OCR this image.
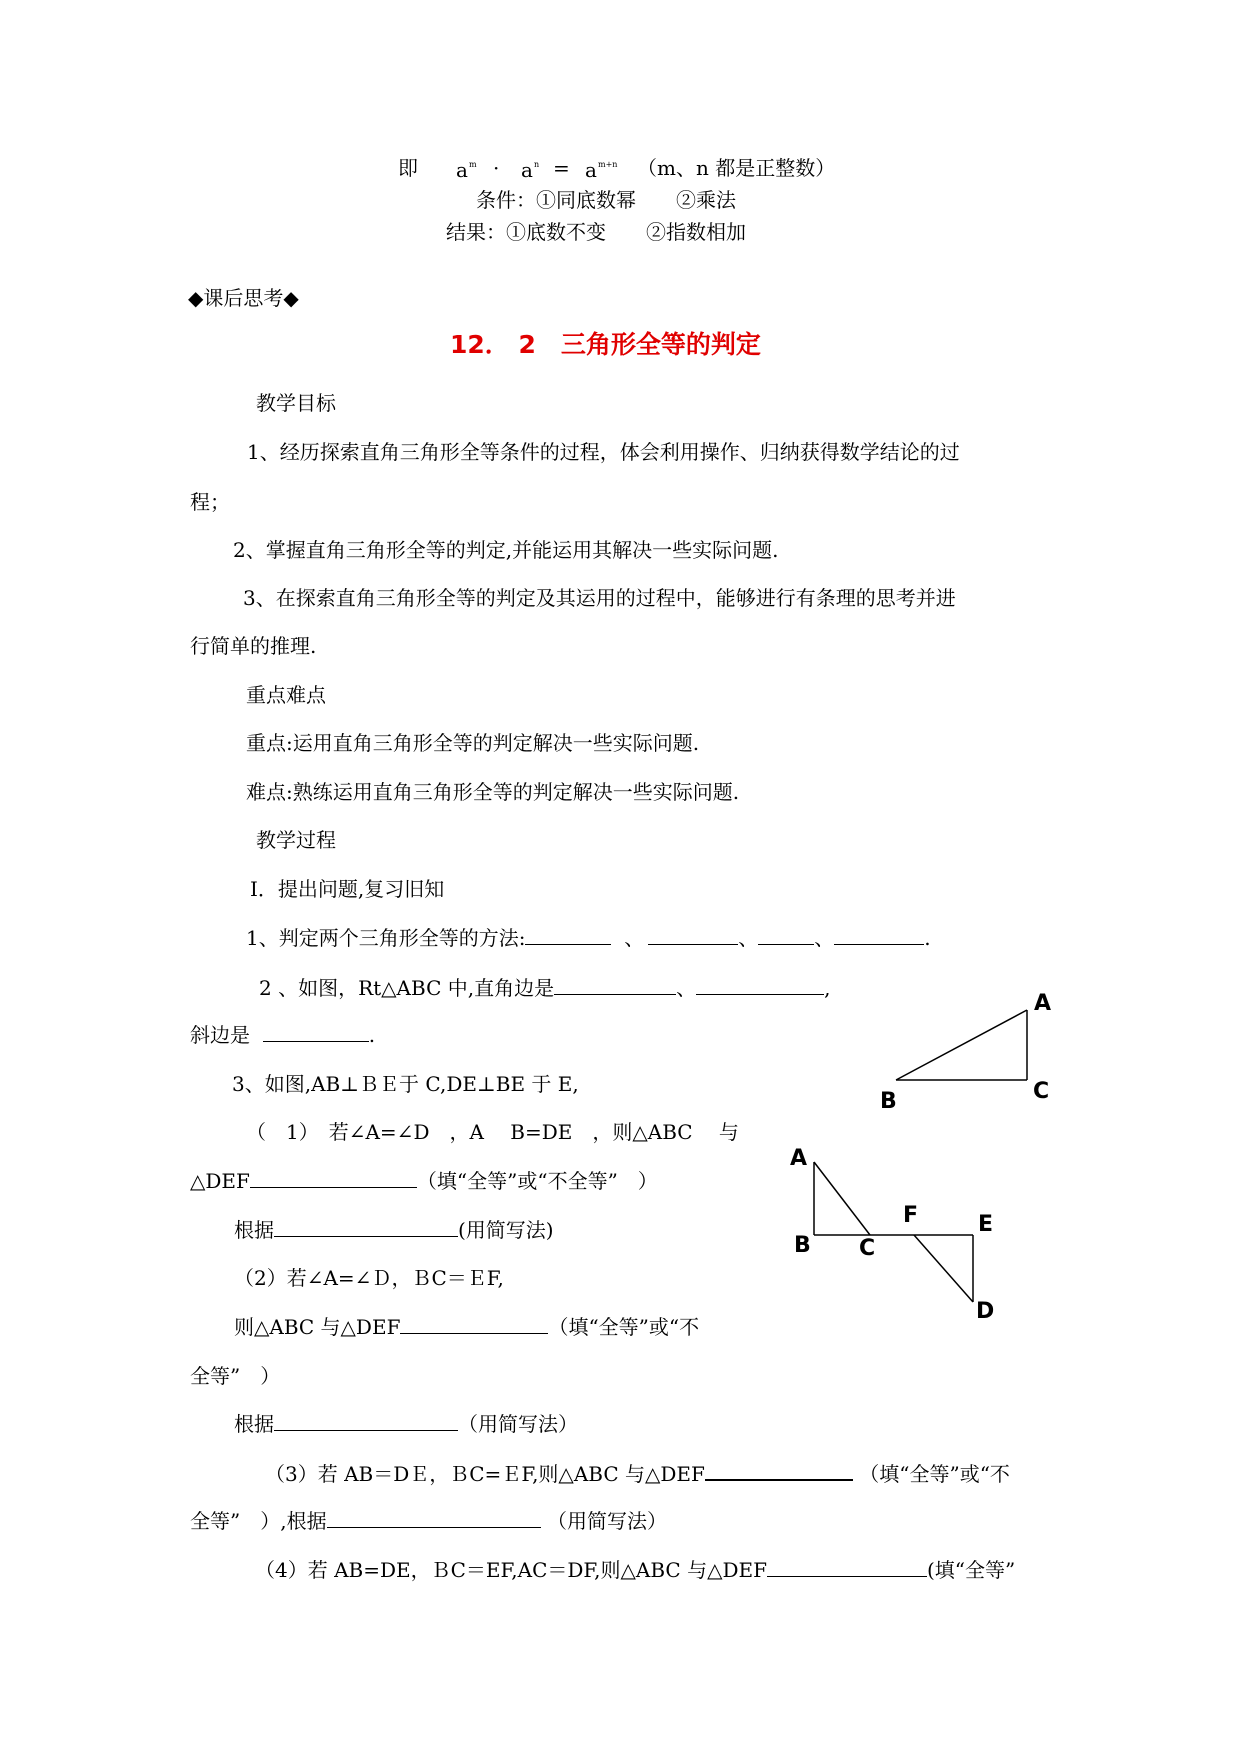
即 a m · a n = a m+n （m、n 都是正整数）
条件：①同底数幂　　②乘法
结果：①底数不变　　②指数相加
◆课后思考◆
12． 2　三角形全等的判定
教学目标
1、经历探索直角三角形全等条件的过程，体会利用操作、归纳获得数学结论的过
程；
2、掌握直角三角形全等的判定,并能运用其解决一些实际问题.
3、在探索直角三角形全等的判定及其运用的过程中，能够进行有条理的思考并进
行简单的推理.
重点难点
重点:运用直角三角形全等的判定解决一些实际问题.
难点:熟练运用直角三角形全等的判定解决一些实际问题.
教学过程
Ⅰ．提出问题,复习旧知
1、判定两个三角形全等的方法:	、	、	、	.
2 、如图，Rt△ABC 中,直角边是	、	,
斜边是	.
3、如图,AB⊥ＢＥ于 C,DE⊥BE 于 E,
（　1）　若∠A=∠D　，A　 B=DE　，则△ABC　 与
△DEF	（填“全等”或“不全等”　）
根据	(用简写法)
（2）若∠A=∠Ｄ，ＢC＝ＥF,
则△ABC 与△DEF	（填“全等”或“不
全等”　）
根据	（用简写法）
（3）若 AB＝DＥ，ＢC=ＥF,则△ABC 与△DEF	（填“全等”或“不
全等”　）,根据	（用简写法）
（4）若 AB=DE，ＢC＝EF,AC＝DF,则△ABC 与△DEF	(填“全等”
A
B	C
A
B C
F	E
D
